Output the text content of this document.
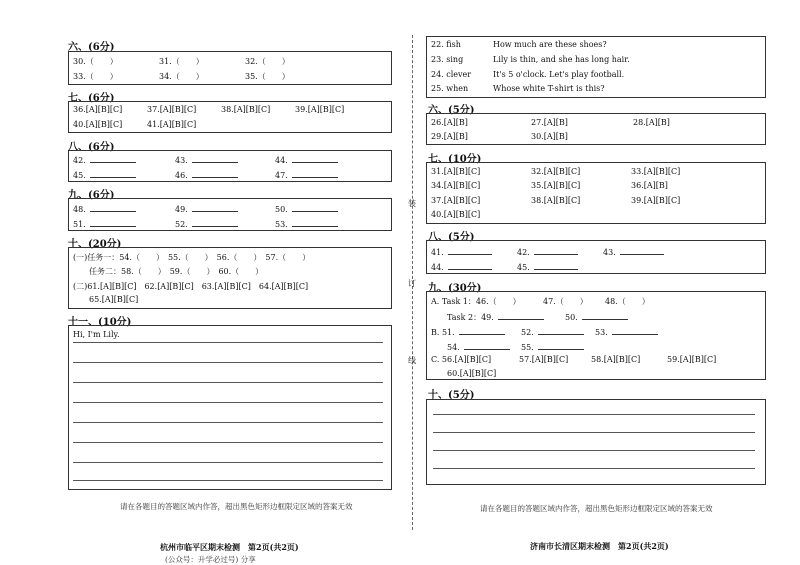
六、(6分)
30.（　　）	31.（　　）	32.（　　）
33.（　　）	34.（　　）	35.（　　）
七、(6分)
36.[A][B][C]	37.[A][B][C]	38.[A][B][C]	39.[A][B][C]
40.[A][B][C]	41.[A][B][C]
八、(6分)
42.	43.	44.
45.	46.	47.
九、(6分)
48.	49.	50.
51.	52.	53.
十、(20分)
(一)任务一：54.（　　）　55.（　　）　56.（　　）　57.（　　）
任务二：58.（　　）　59.（　　）　60.（　　）
(二)61.[A][B][C]　62.[A][B][C]　63.[A][B][C]　64.[A][B][C]
65.[A][B][C]
十一、(10分)
Hi, I'm Lily.
请在各题目的答题区域内作答，超出黑色矩形边框限定区域的答案无效
杭州市临平区期末检测　第2页(共2页)
(公众号：升学必过号) 分享
装
订
线
22. fish	How much are these shoes?
23. sing	Lily is thin, and she has long hair.
24. clever	It's 5 o'clock. Let's play football.
25. when	Whose white T-shirt is this?
六、(5分)
26.[A][B]	27.[A][B]	28.[A][B]
29.[A][B]	30.[A][B]
七、(10分)
31.[A][B][C]	32.[A][B][C]	33.[A][B][C]
34.[A][B][C]	35.[A][B][C]	36.[A][B]
37.[A][B][C]	38.[A][B][C]	39.[A][B][C]
40.[A][B][C]
八、(5分)
41.	42.	43.
44.	45.
九、(30分)
A. Task 1：46.（　　）	47.（　　） 48.（　　）
Task 2：49.	50.
B. 51.	52.	53.
54.	55.
C. 56.[A][B][C]	57.[A][B][C]	58.[A][B][C]	59.[A][B][C]
60.[A][B][C]
十、(5分)
请在各题目的答题区域内作答，超出黑色矩形边框限定区域的答案无效
济南市长清区期末检测　第2页(共2页)
